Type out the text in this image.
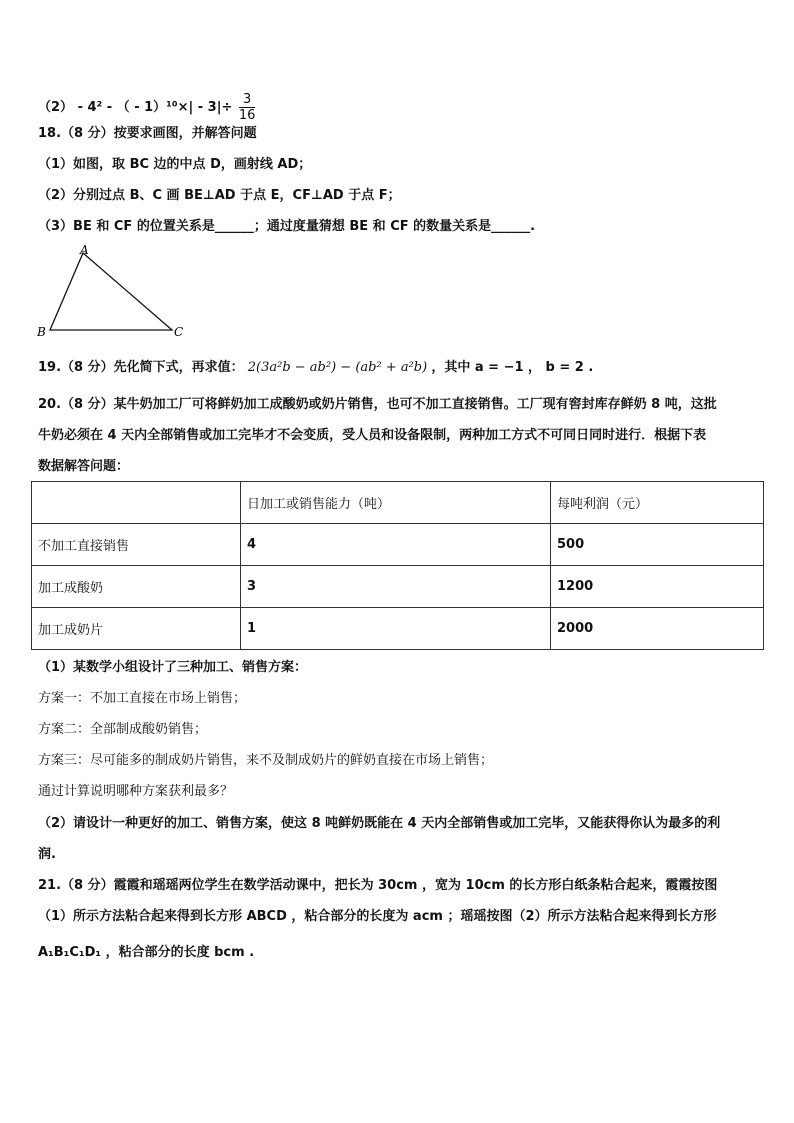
（2） - 4² - （ - $1)^{10}\times| - 3|\div \frac{3}{16}$
18.（8 分）按要求画图，并解答问题
（1）如图，取 BC 边的中点 D，画射线 AD；
（2）分别过点 B、C 画 BE⊥AD 于点 E，CF⊥AD 于点 F；
（3）BE 和 CF 的位置关系是______；通过度量猜想 BE 和 CF 的数量关系是______.
A
B	C
19.（8 分）先化简下式，再求值： 2(3a²b − ab²) − (ab² + a²b) ，其中 a = −1 ， b = 2 .
20.（8 分）某牛奶加工厂可将鲜奶加工成酸奶或奶片销售，也可不加工直接销售。工厂现有窖封库存鲜奶 8 吨，这批
牛奶必须在 4 天内全部销售或加工完毕才不会变质，受人员和设备限制，两种加工方式不可同日同时进行．根据下表
数据解答问题：
	日加工或销售能力（吨）	每吨利润（元）
不加工直接销售	4	500
加工成酸奶	3	1200
加工成奶片	1	2000
（1）某数学小组设计了三种加工、销售方案：
方案一：不加工直接在市场上销售；
方案二：全部制成酸奶销售；
方案三：尽可能多的制成奶片销售，来不及制成奶片的鲜奶直接在市场上销售；
通过计算说明哪种方案获利最多？
（2）请设计一种更好的加工、销售方案，使这 8 吨鲜奶既能在 4 天内全部销售或加工完毕，又能获得你认为最多的利
润.
21.（8 分）霞霞和瑶瑶两位学生在数学活动课中，把长为 30cm ，宽为 10cm 的长方形白纸条粘合起来，霞霞按图
（1）所示方法粘合起来得到长方形 ABCD ，粘合部分的长度为 acm ；瑶瑶按图（2）所示方法粘合起来得到长方形
A₁B₁C₁D₁ ，粘合部分的长度 bcm .
